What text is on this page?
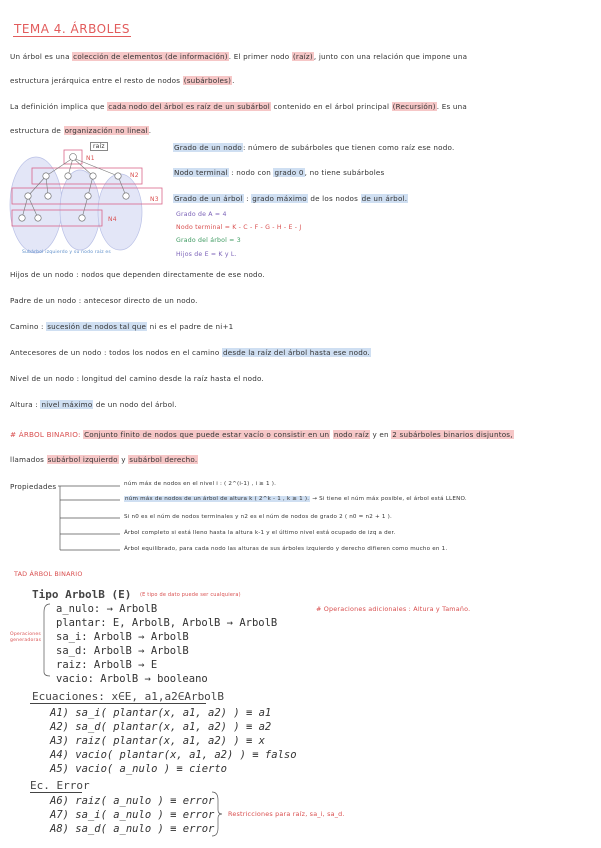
TEMA 4. ÁRBOLES
Un árbol es una colección de elementos (de información). El primer nodo (raíz), junto con una relación que impone una
estructura jerárquica entre el resto de nodos (subárboles).
La definición implica que cada nodo del árbol es raíz de un subárbol contenido en el árbol principal (Recursión). Es una
estructura de organización no lineal.
raíz
N1
N2
N3
N4
Subárbol izquierdo y su nodo raíz es
Grado de un nodo: número de subárboles que tienen como raíz ese nodo.
Nodo terminal : nodo con grado 0, no tiene subárboles
Grado de un árbol : grado máximo de los nodos de un árbol.
Grado de A = 4
Nodo terminal = K - C - F - G - H - E - J
Grado del árbol = 3
Hijos de E = K y L.
Hijos de un nodo : nodos que dependen directamente de ese nodo.
Padre de un nodo : antecesor directo de un nodo.
Camino : sucesión de nodos tal que ni es el padre de ni+1
Antecesores de un nodo : todos los nodos en el camino desde la raíz del árbol hasta ese nodo.
Nivel de un nodo : longitud del camino desde la raíz hasta el nodo.
Altura : nivel máximo de un nodo del árbol.
# ÁRBOL BINARIO: Conjunto finito de nodos que puede estar vacío o consistir en un nodo raíz y en 2 subárboles binarios disjuntos,
llamados subárbol izquierdo y subárbol derecho.
Propiedades	núm máx de nodos en el nivel i : ( 2^(i-1) , i ≥ 1 ).
núm máx de nodos de un árbol de altura k ( 2^k - 1 , k ≥ 1 ). → Si tiene el núm máx posible, el árbol está LLENO.
Si n0 es el núm de nodos terminales y n2 es el núm de nodos de grado 2 ( n0 = n2 + 1 ).
Árbol completo si está lleno hasta la altura k-1 y el último nivel está ocupado de izq a der.
Árbol equilibrado, para cada nodo las alturas de sus árboles izquierdo y derecho difieren como mucho en 1.
TAD ÁRBOL BINARIO
Tipo ArbolB (E) (E tipo de dato puede ser cualquiera)
Operaciones generadoras
a_nulo: → ArbolB
plantar: E, ArbolB, ArbolB → ArbolB
sa_i: ArbolB → ArbolB
sa_d: ArbolB → ArbolB
raiz: ArbolB → E
vacio: ArbolB → booleano
# Operaciones adicionales : Altura y Tamaño.
Ecuaciones: x∈E, a1,a2∈ArbolB
A1) sa_i( plantar(x, a1, a2) ) ≡ a1
A2) sa_d( plantar(x, a1, a2) ) ≡ a2
A3) raiz( plantar(x, a1, a2) ) ≡ x
A4) vacio( plantar(x, a1, a2) ) ≡ falso
A5) vacio( a_nulo ) ≡ cierto
Ec. Error
A6) raiz( a_nulo ) ≡ error
A7) sa_i( a_nulo ) ≡ error
A8) sa_d( a_nulo ) ≡ error
Restricciones para raíz, sa_i, sa_d.
